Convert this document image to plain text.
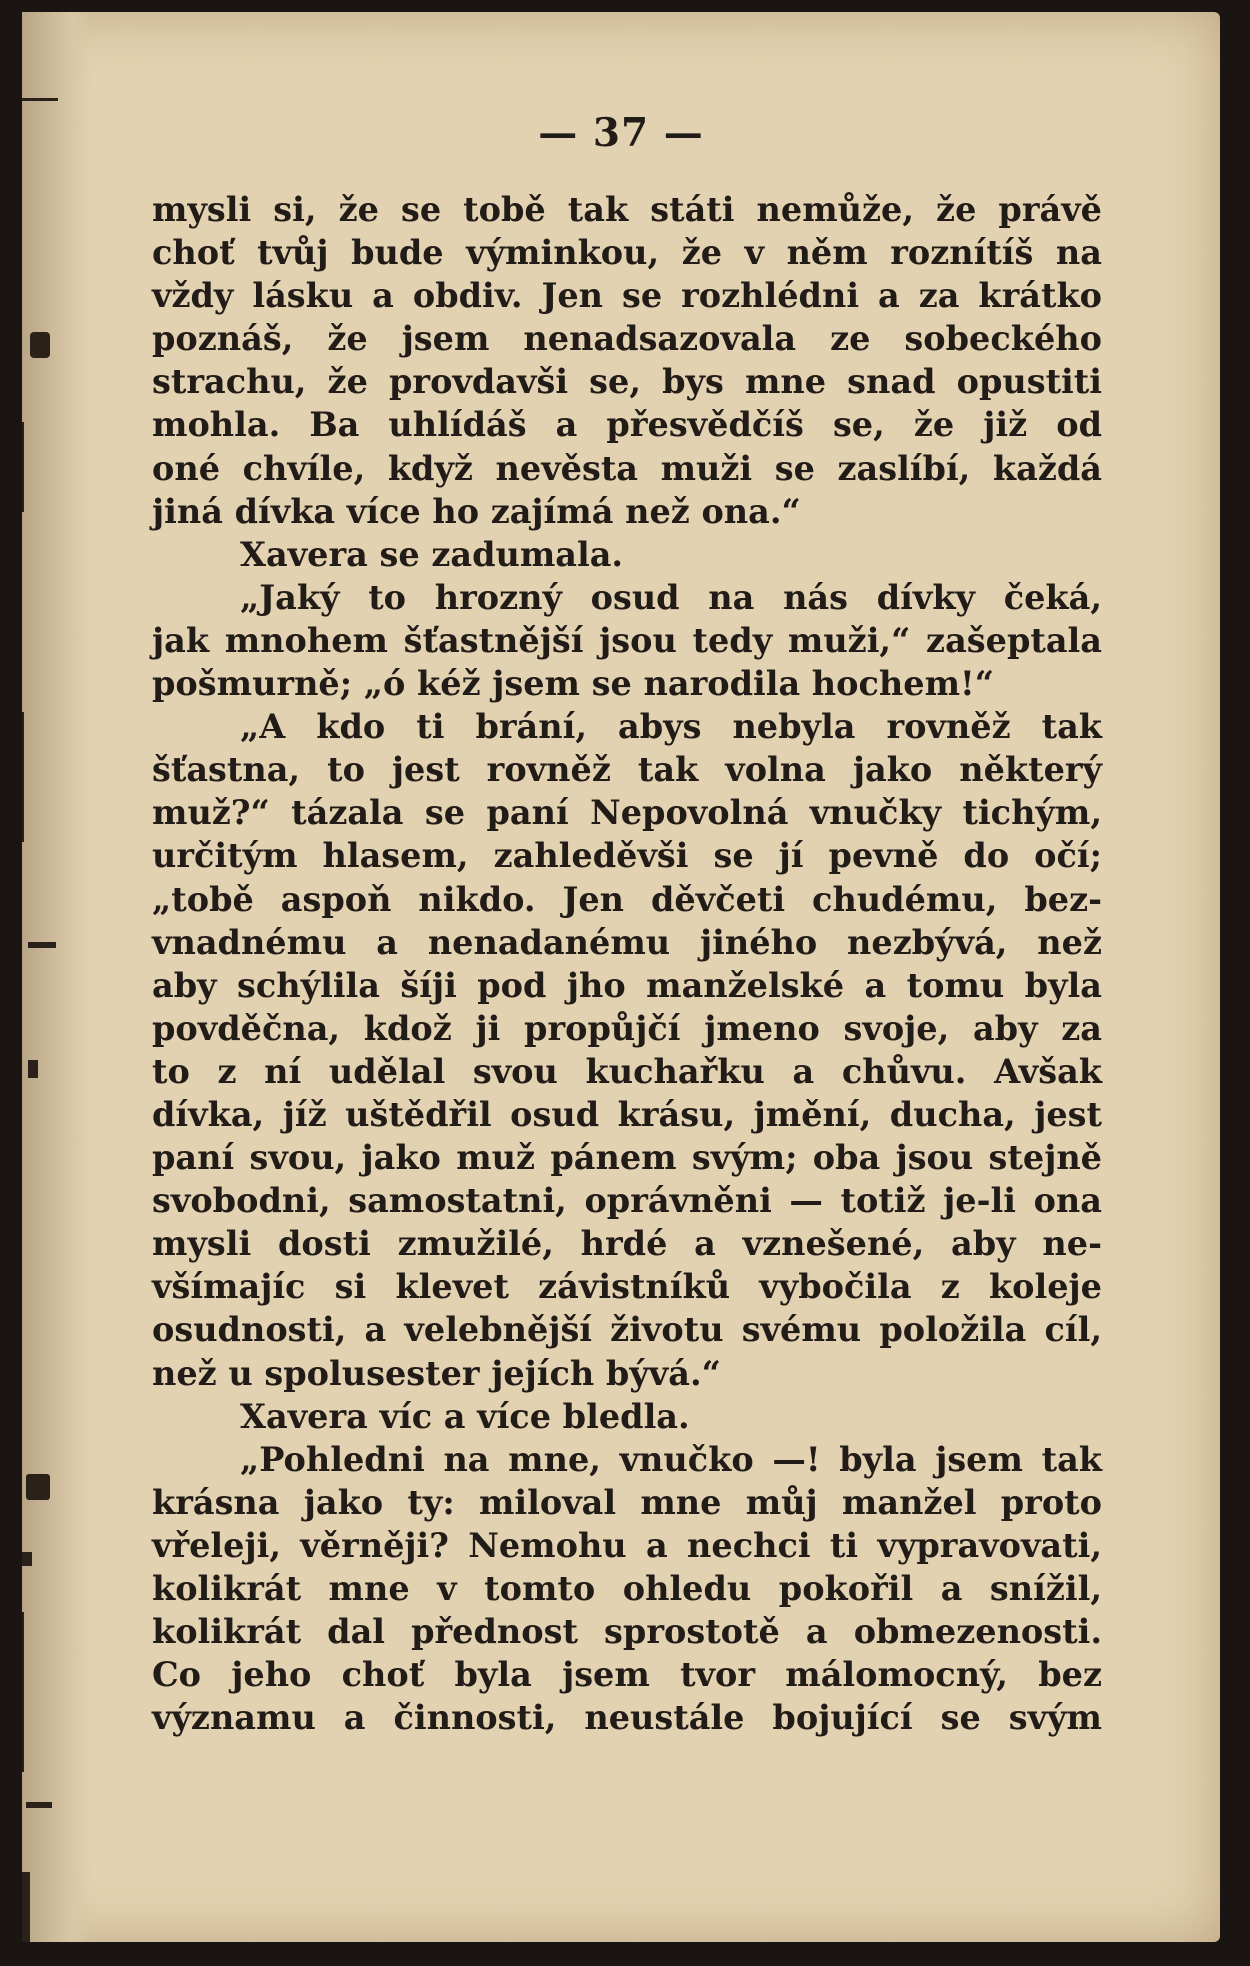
— 37 —
mysli si, že se tobě tak státi nemůže, že právě
choť tvůj bude výminkou, že v něm roznítíš na
vždy lásku a obdiv. Jen se rozhlédni a za krátko
poznáš, že jsem nenadsazovala ze sobeckého
strachu, že provdavši se, bys mne snad opustiti
mohla. Ba uhlídáš a přesvědčíš se, že již od
oné chvíle, když nevěsta muži se zaslíbí, každá
jiná dívka více ho zajímá než ona.“
Xavera se zadumala.
„Jaký to hrozný osud na nás dívky čeká,
jak mnohem šťastnější jsou tedy muži,“ zašeptala
pošmurně; „ó kéž jsem se narodila hochem!“
„A kdo ti brání, abys nebyla rovněž tak
šťastna, to jest rovněž tak volna jako některý
muž?“ tázala se paní Nepovolná vnučky tichým,
určitým hlasem, zahleděvši se jí pevně do očí;
„tobě aspoň nikdo. Jen děvčeti chudému, bez-
vnadnému a nenadanému jiného nezbývá, než
aby schýlila šíji pod jho manželské a tomu byla
povděčna, kdož ji propůjčí jmeno svoje, aby za
to z ní udělal svou kuchařku a chůvu. Avšak
dívka, jíž uštědřil osud krásu, jmění, ducha, jest
paní svou, jako muž pánem svým; oba jsou stejně
svobodni, samostatni, oprávněni — totiž je-li ona
mysli dosti zmužilé, hrdé a vznešené, aby ne-
všímajíc si klevet závistníků vybočila z koleje
osudnosti, a velebnější životu svému položila cíl,
než u spolusester jejích bývá.“
Xavera víc a více bledla.
„Pohledni na mne, vnučko —! byla jsem tak
krásna jako ty: miloval mne můj manžel proto
vřeleji, věrněji? Nemohu a nechci ti vypravovati,
kolikrát mne v tomto ohledu pokořil a snížil,
kolikrát dal přednost sprostotě a obmezenosti.
Co jeho choť byla jsem tvor málomocný, bez
významu a činnosti, neustále bojující se svým
